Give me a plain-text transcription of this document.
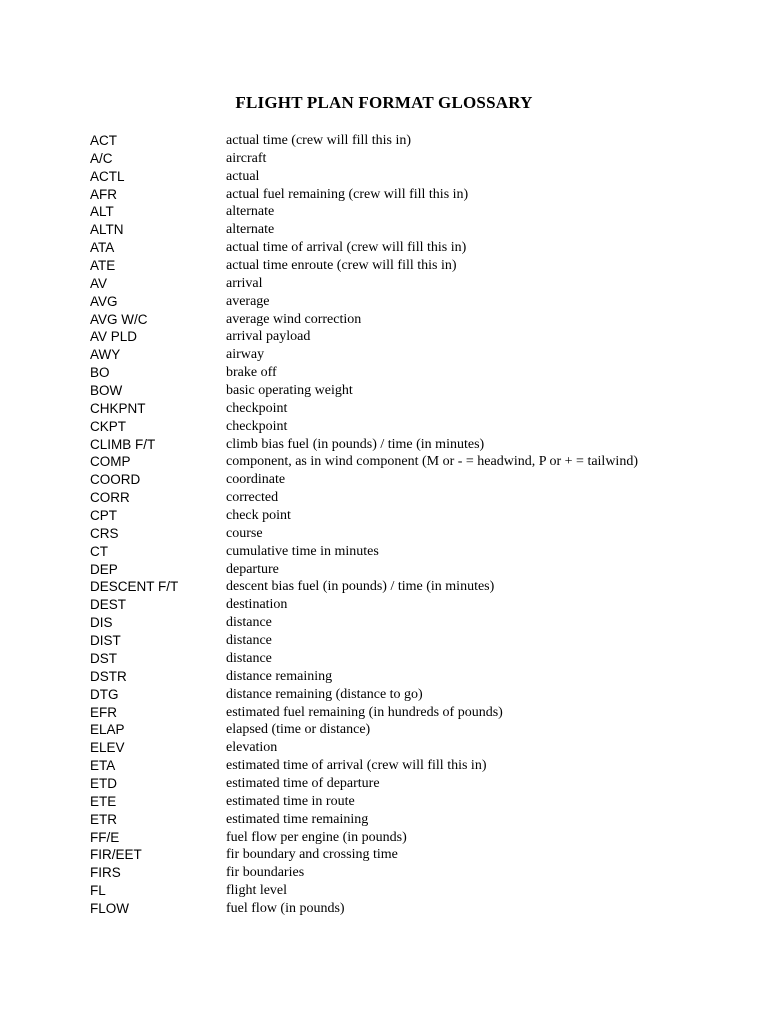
FLIGHT PLAN FORMAT GLOSSARY
ACT	actual time (crew will fill this in)
A/C	aircraft
ACTL	actual
AFR	actual fuel remaining (crew will fill this in)
ALT	alternate
ALTN	alternate
ATA	actual time of arrival (crew will fill this in)
ATE	actual time enroute (crew will fill this in)
AV	arrival
AVG	average
AVG W/C	average wind correction
AV PLD	arrival payload
AWY	airway
BO	brake off
BOW	basic operating weight
CHKPNT	checkpoint
CKPT	checkpoint
CLIMB F/T	climb bias fuel (in pounds) / time (in minutes)
COMP	component, as in wind component (M or - = headwind, P or + = tailwind)
COORD	coordinate
CORR	corrected
CPT	check point
CRS	course
CT	cumulative time in minutes
DEP	departure
DESCENT F/T	descent bias fuel (in pounds) / time (in minutes)
DEST	destination
DIS	distance
DIST	distance
DST	distance
DSTR	distance remaining
DTG	distance remaining (distance to go)
EFR	estimated fuel remaining (in hundreds of pounds)
ELAP	elapsed (time or distance)
ELEV	elevation
ETA	estimated time of arrival (crew will fill this in)
ETD	estimated time of departure
ETE	estimated time in route
ETR	estimated time remaining
FF/E	fuel flow per engine (in pounds)
FIR/EET	fir boundary and crossing time
FIRS	fir boundaries
FL	flight level
FLOW	fuel flow (in pounds)
